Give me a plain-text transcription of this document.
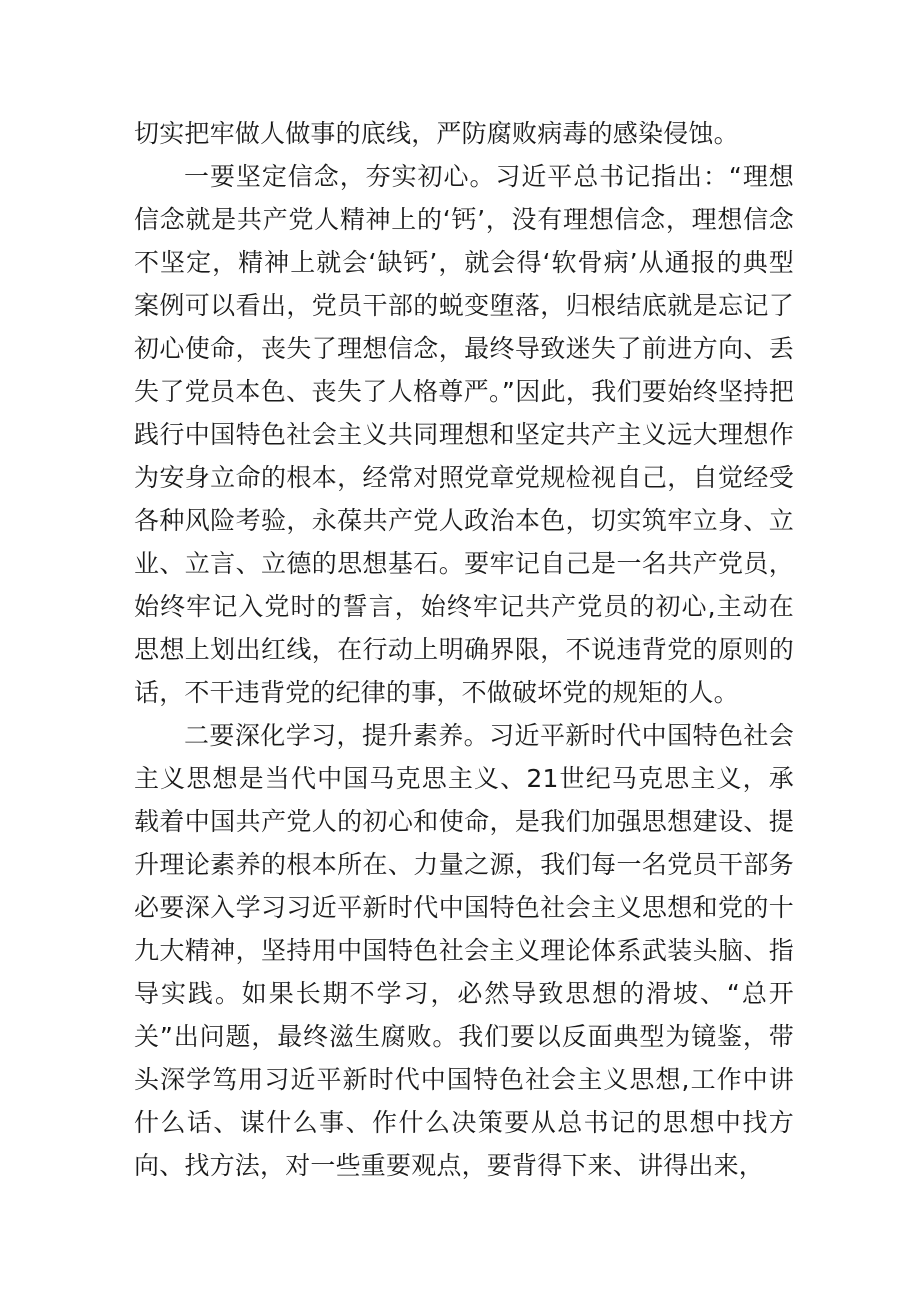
切实把牢做人做事的底线，严防腐败病毒的感染侵蚀。

一要坚定信念，夯实初心。习近平总书记指出：“理想信念就是共产党人精神上的‘钙’，没有理想信念，理想信念不坚定，精神上就会‘缺钙’，就会得‘软骨病’从通报的典型案例可以看出，党员干部的蜕变堕落，归根结底就是忘记了初心使命，丧失了理想信念，最终导致迷失了前进方向、丢失了党员本色、丧失了人格尊严。”因此，我们要始终坚持把践行中国特色社会主义共同理想和坚定共产主义远大理想作为安身立命的根本，经常对照党章党规检视自己，自觉经受各种风险考验，永葆共产党人政治本色，切实筑牢立身、立业、立言、立德的思想基石。要牢记自己是一名共产党员，始终牢记入党时的誓言，始终牢记共产党员的初心,主动在思想上划出红线，在行动上明确界限，不说违背党的原则的话，不干违背党的纪律的事，不做破坏党的规矩的人。

二要深化学习，提升素养。习近平新时代中国特色社会主义思想是当代中国马克思主义、21世纪马克思主义，承载着中国共产党人的初心和使命，是我们加强思想建设、提升理论素养的根本所在、力量之源，我们每一名党员干部务必要深入学习习近平新时代中国特色社会主义思想和党的十九大精神，坚持用中国特色社会主义理论体系武装头脑、指导实践。如果长期不学习，必然导致思想的滑坡、“总开关”出问题，最终滋生腐败。我们要以反面典型为镜鉴，带头深学笃用习近平新时代中国特色社会主义思想,工作中讲什么话、谋什么事、作什么决策要从总书记的思想中找方向、找方法，对一些重要观点，要背得下来、讲得出来，
